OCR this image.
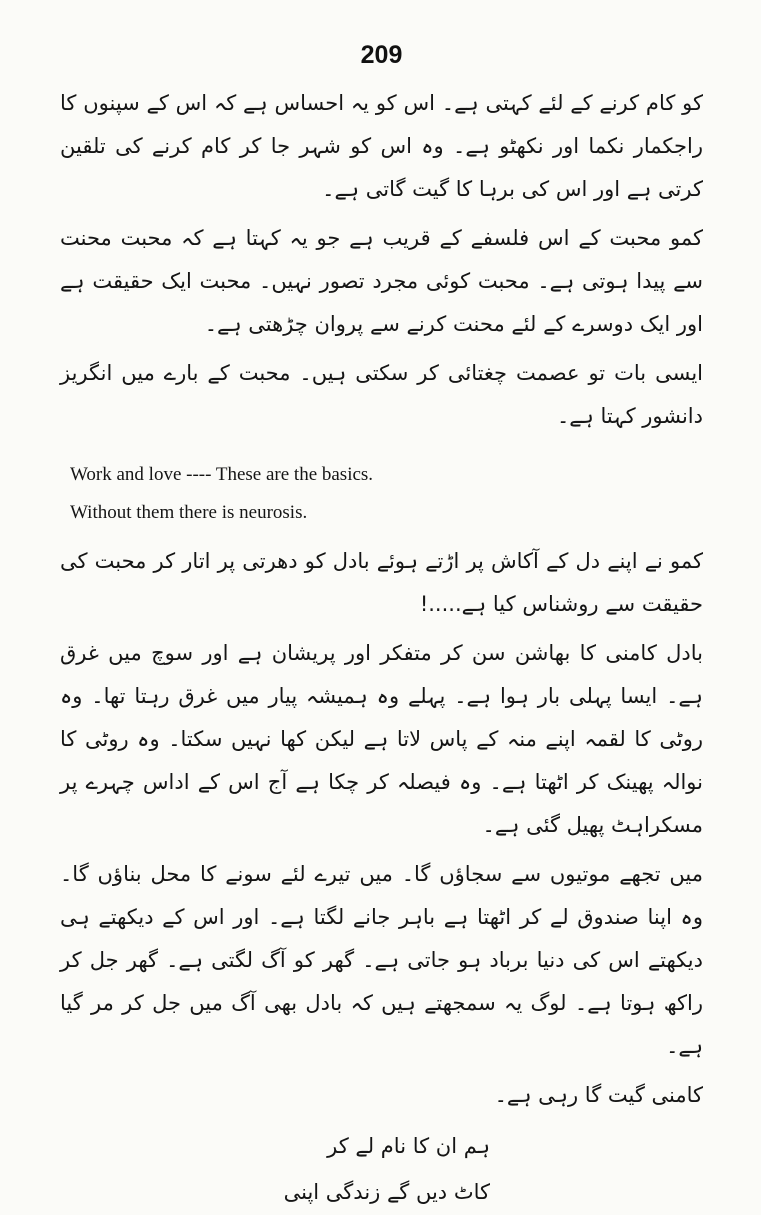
209

کو کام کرنے کے لئے کہتی ہے۔ اس کو یہ احساس ہے کہ اس کے سپنوں کا راجکمار نکما اور نکھٹو ہے۔ وہ اس کو شہر جا کر کام کرنے کی تلقین کرتی ہے اور اس کی برہا کا گیت گاتی ہے۔

کمو محبت کے اس فلسفے کے قریب ہے جو یہ کہتا ہے کہ محبت محنت سے پیدا ہوتی ہے۔ محبت کوئی مجرد تصور نہیں۔ محبت ایک حقیقت ہے اور ایک دوسرے کے لئے محنت کرنے سے پروان چڑھتی ہے۔

ایسی بات تو عصمت چغتائی کر سکتی ہیں۔ محبت کے بارے میں انگریز دانشور کہتا ہے۔

Work and love ---- These are the basics.

Without them there is neurosis.

کمو نے اپنے دل کے آکاش پر اڑتے ہوئے بادل کو دھرتی پر اتار کر محبت کی حقیقت سے روشناس کیا ہے.....!

بادل کامنی کا بھاشن سن کر متفکر اور پریشان ہے اور سوچ میں غرق ہے۔ ایسا پہلی بار ہوا ہے۔ پہلے وہ ہمیشہ پیار میں غرق رہتا تھا۔ وہ روٹی کا لقمہ اپنے منہ کے پاس لاتا ہے لیکن کھا نہیں سکتا۔ وہ روٹی کا نوالہ پھینک کر اٹھتا ہے۔ وہ فیصلہ کر چکا ہے آج اس کے اداس چہرے پر مسکراہٹ پھیل گئی ہے۔

میں تجھے موتیوں سے سجاؤں گا۔ میں تیرے لئے سونے کا محل بناؤں گا۔ وہ اپنا صندوق لے کر اٹھتا ہے باہر جانے لگتا ہے۔ اور اس کے دیکھتے ہی دیکھتے اس کی دنیا برباد ہو جاتی ہے۔ گھر کو آگ لگتی ہے۔ گھر جل کر راکھ ہوتا ہے۔ لوگ یہ سمجھتے ہیں کہ بادل بھی آگ میں جل کر مر گیا ہے۔

کامنی گیت گا رہی ہے۔

ہم ان کا نام لے کر

کاٹ دیں گے زندگی اپنی
